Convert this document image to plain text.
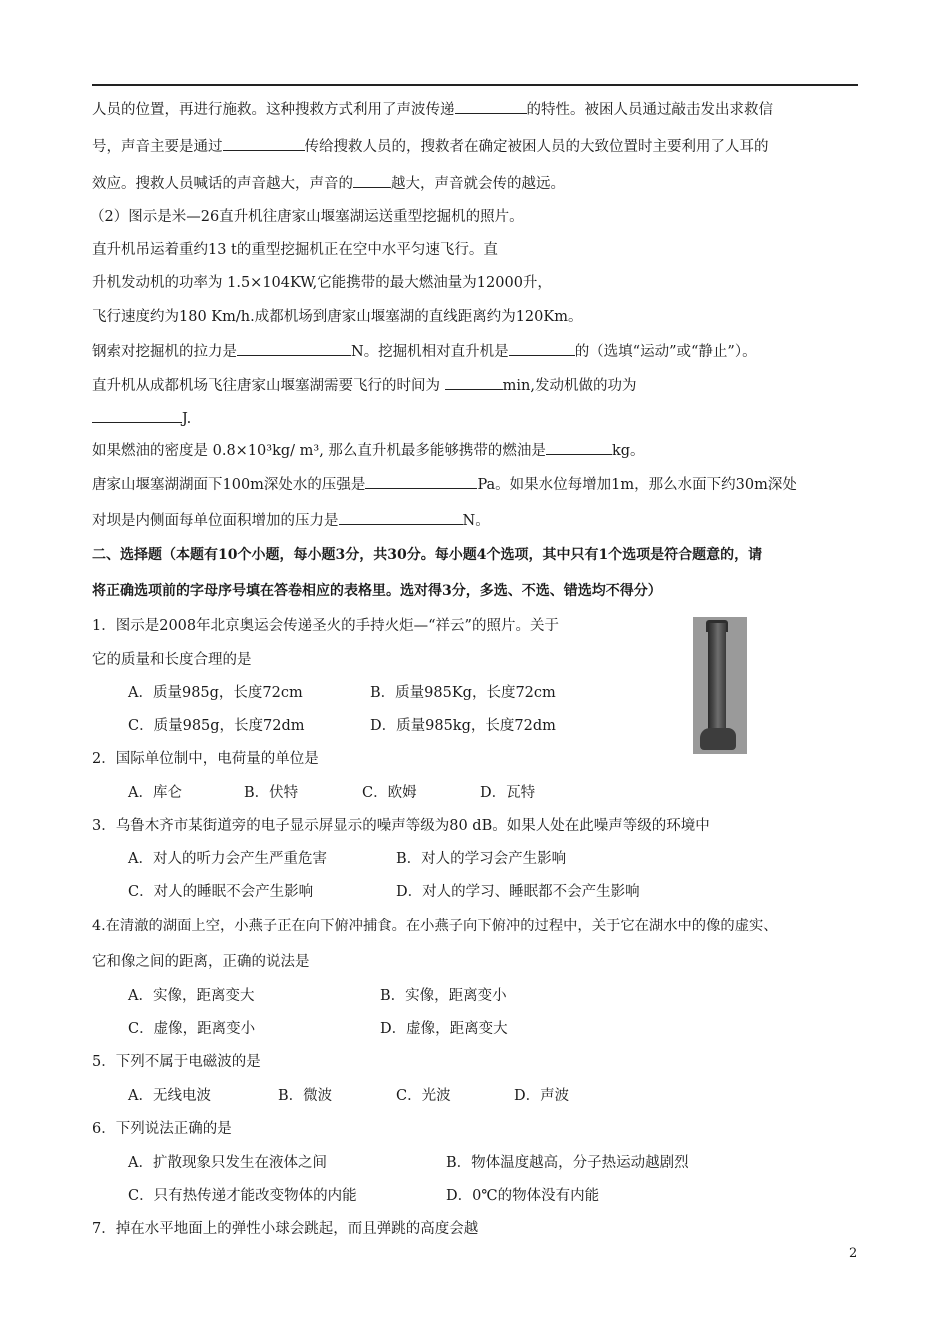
人员的位置，再进行施救。这种搜救方式利用了声波传递	的特性。被困人员通过敲击发出求救信
号，声音主要是通过	传给搜救人员的，搜救者在确定被困人员的大致位置时主要利用了人耳的
效应。搜救人员喊话的声音越大，声音的	越大，声音就会传的越远。
（2）图示是米—26直升机往唐家山堰塞湖运送重型挖掘机的照片。
直升机吊运着重约13 t的重型挖掘机正在空中水平匀速飞行。直
升机发动机的功率为 1.5×104KW,它能携带的最大燃油量为12000升，
飞行速度约为180 Km/h.成都机场到唐家山堰塞湖的直线距离约为120Km。
钢索对挖掘机的拉力是	N。挖掘机相对直升机是	的（选填“运动”或“静止”）。
直升机从成都机场飞往唐家山堰塞湖需要飞行的时间为	min,发动机做的功为
J.
如果燃油的密度是 0.8×10³kg/ m³, 那么直升机最多能够携带的燃油是	kg。
唐家山堰塞湖湖面下100m深处水的压强是	Pa。如果水位每增加1m，那么水面下约30m深处
对坝是内侧面每单位面积增加的压力是	N。
二、选择题（本题有10个小题，每小题3分，共30分。每小题4个选项，其中只有1个选项是符合题意的，请
将正确选项前的字母序号填在答卷相应的表格里。选对得3分，多选、不选、错选均不得分）
1．图示是2008年北京奥运会传递圣火的手持火炬—“祥云”的照片。关于
它的质量和长度合理的是
A．质量985g，长度72cm	B．质量985Kg，长度72cm
C．质量985g，长度72dm	D．质量985kg，长度72dm
2．国际单位制中，电荷量的单位是
A．库仑	B．伏特	C．欧姆	D．瓦特
3．乌鲁木齐市某街道旁的电子显示屏显示的噪声等级为80 dB。如果人处在此噪声等级的环境中
A．对人的听力会产生严重危害	B．对人的学习会产生影响
C．对人的睡眠不会产生影响	D．对人的学习、睡眠都不会产生影响
4.在清澈的湖面上空，小燕子正在向下俯冲捕食。在小燕子向下俯冲的过程中，关于它在湖水中的像的虚实、
它和像之间的距离，正确的说法是
A．实像，距离变大	B．实像，距离变小
C．虚像，距离变小	D．虚像，距离变大
5．下列不属于电磁波的是
A．无线电波	B．微波	C．光波	D．声波
6．下列说法正确的是
A．扩散现象只发生在液体之间	B．物体温度越高，分子热运动越剧烈
C．只有热传递才能改变物体的内能	D．0℃的物体没有内能
7．掉在水平地面上的弹性小球会跳起，而且弹跳的高度会越
2
